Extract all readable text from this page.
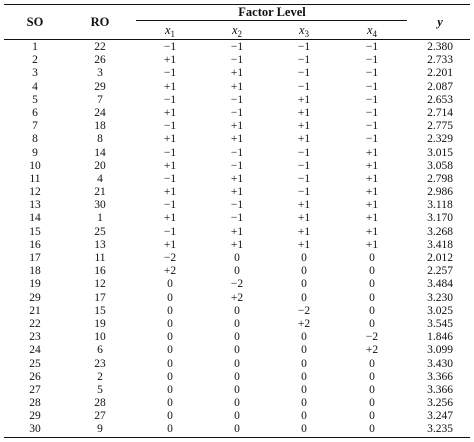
SO	RO
Factor Level
y
$x_1$	$x_2$	$x_3$	$x_4$
1	22	−1	−1	−1	−1	2.380
2	26	+1	−1	−1	−1	2.733
3	3	−1	+1	−1	−1	2.201
4	29	+1	+1	−1	−1	2.087
5	7	−1	−1	+1	−1	2.653
6	24	+1	−1	+1	−1	2.714
7	18	−1	+1	+1	−1	2.775
8	8	+1	+1	+1	−1	2.329
9	14	−1	−1	−1	+1	3.015
10	20	+1	−1	−1	+1	3.058
11	4	−1	+1	−1	+1	2.798
12	21	+1	+1	−1	+1	2.986
13	30	−1	−1	+1	+1	3.118
14	1	+1	−1	+1	+1	3.170
15	25	−1	+1	+1	+1	3.268
16	13	+1	+1	+1	+1	3.418
17	11	−2	0	0	0	2.012
18	16	+2	0	0	0	2.257
19	12	0	−2	0	0	3.484
29	17	0	+2	0	0	3.230
21	15	0	0	−2	0	3.025
22	19	0	0	+2	0	3.545
23	10	0	0	0	−2	1.846
24	6	0	0	0	+2	3.099
25	23	0	0	0	0	3.430
26	2	0	0	0	0	3.366
27	5	0	0	0	0	3.366
28	28	0	0	0	0	3.256
29	27	0	0	0	0	3.247
30	9	0	0	0	0	3.235
